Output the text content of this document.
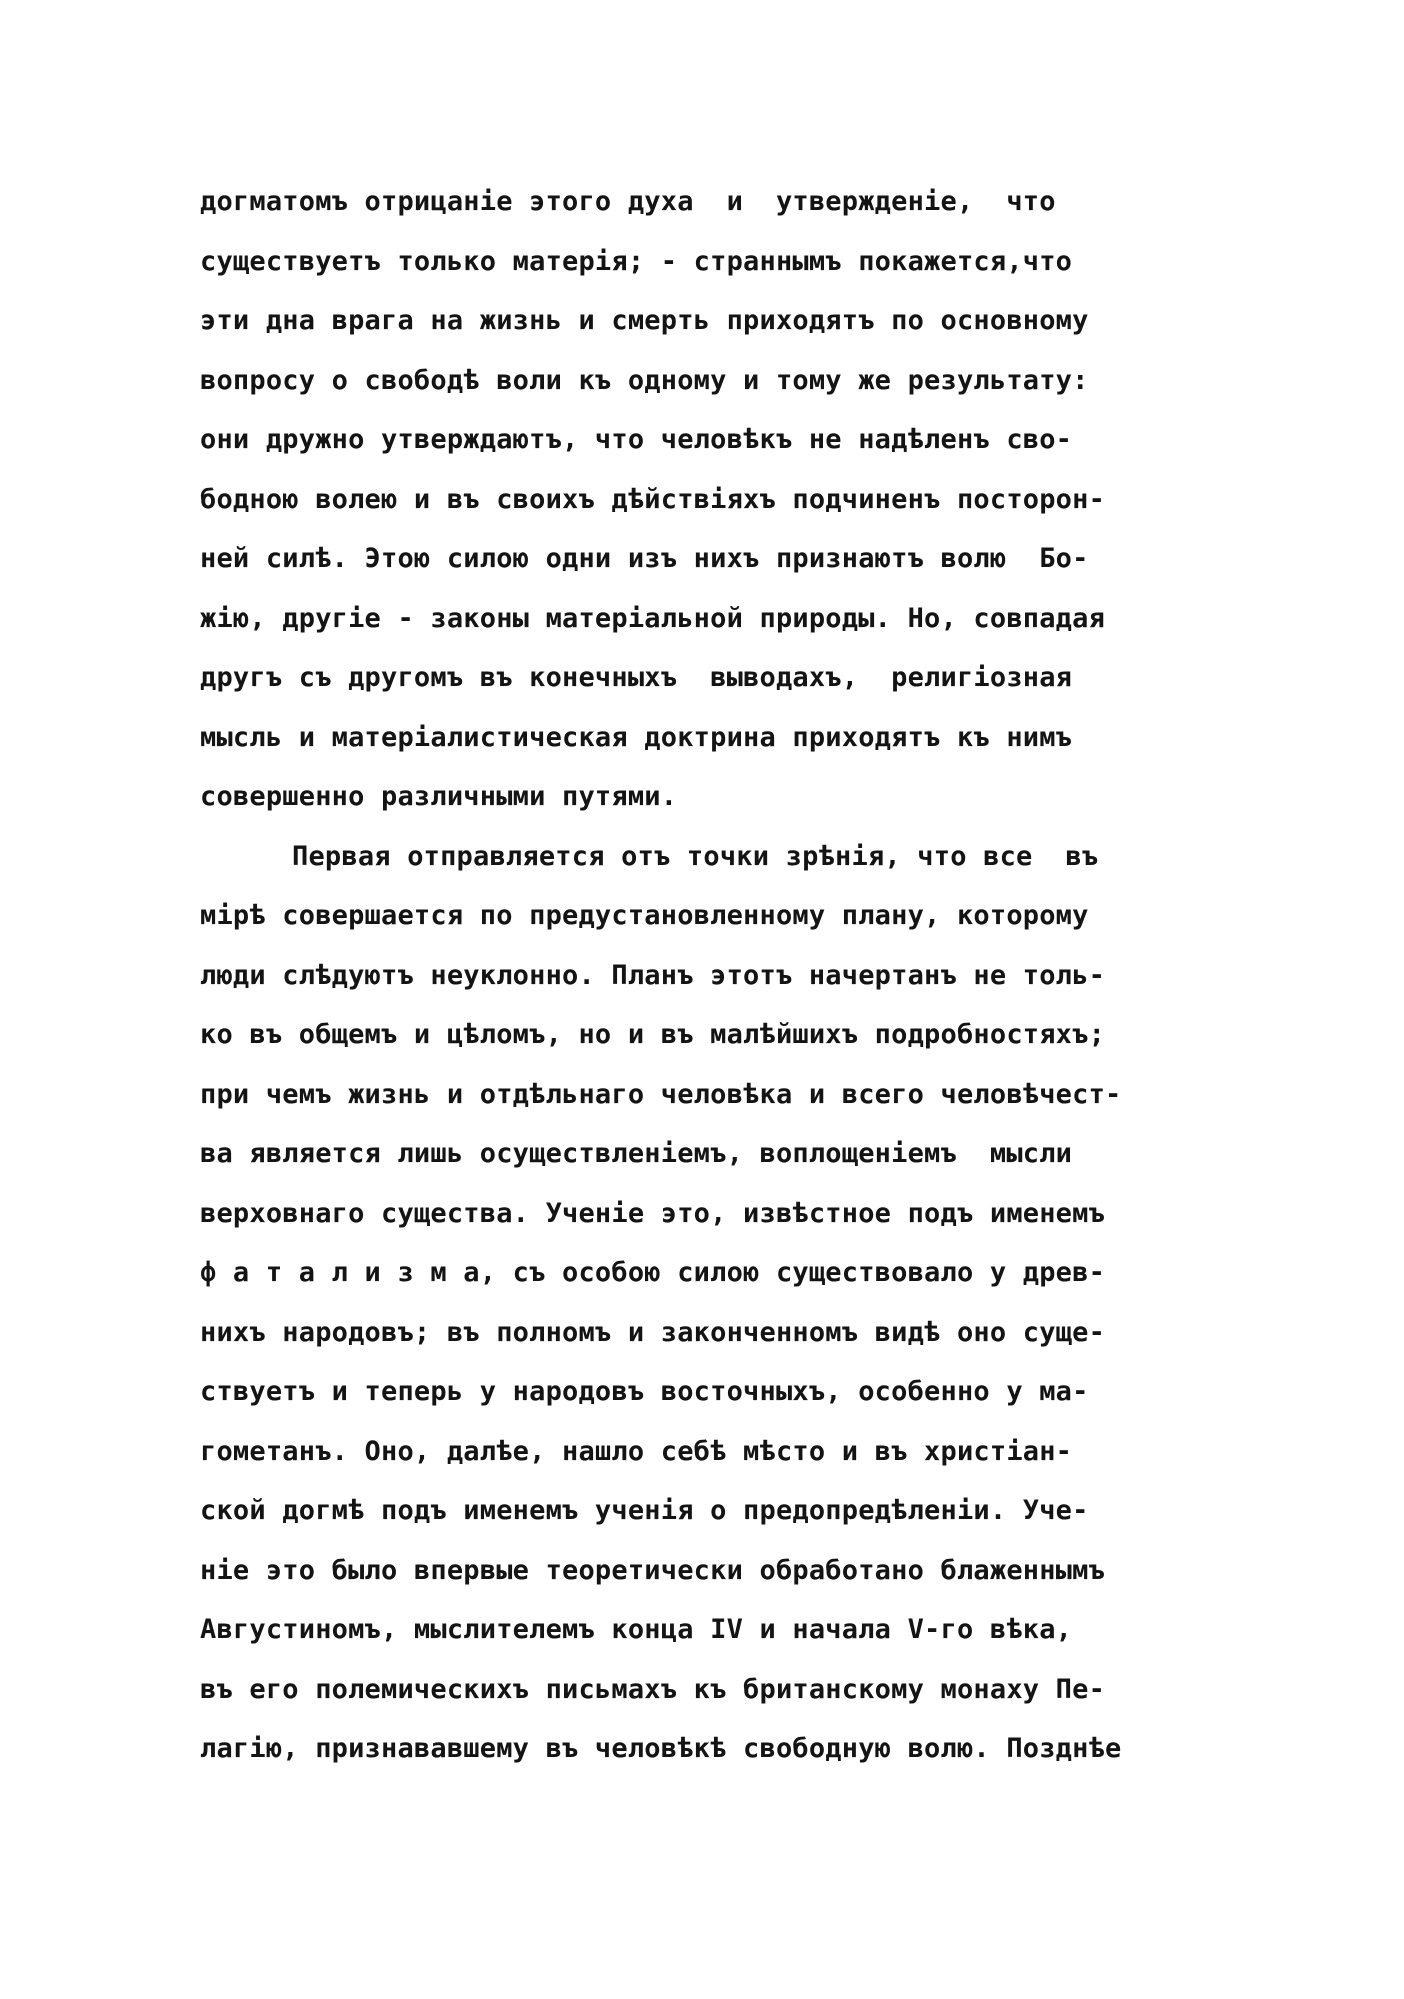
догматомъ отрицаніе этого духа  и  утвержденіе,  что
существуетъ только матерія; - страннымъ покажется,что
эти дна врага на жизнь и смерть приходятъ по основному
вопросу о свободѣ воли къ одному и тому же результату:
они дружно утверждаютъ, что человѣкъ не надѣленъ сво-
бодною волею и въ своихъ дѣйствіяхъ подчиненъ посторон-
ней силѣ. Этою силою одни изъ нихъ признаютъ волю  Бо-
жію, другіе - законы матеріальной природы. Но, совпадая
другъ съ другомъ въ конечныхъ  выводахъ,  религіозная
мысль и матеріалистическая доктрина приходятъ къ нимъ
совершенно различными путями.
Первая отправляется отъ точки зрѣнія, что все  въ
мірѣ совершается по предустановленному плану, которому
люди слѣдуютъ неуклонно. Планъ этотъ начертанъ не толь-
ко въ общемъ и цѣломъ, но и въ малѣйшихъ подробностяхъ;
при чемъ жизнь и отдѣльнаго человѣка и всего человѣчест-
ва является лишь осуществленіемъ, воплощеніемъ  мысли
верховнаго существа. Ученіе это, извѣстное подъ именемъ
ф а т а л и з м а, съ особою силою существовало у древ-
нихъ народовъ; въ полномъ и законченномъ видѣ оно суще-
ствуетъ и теперь у народовъ восточныхъ, особенно у ма-
гометанъ. Оно, далѣе, нашло себѣ мѣсто и въ христіан-
ской догмѣ подъ именемъ ученія о предопредѣленіи. Уче-
ніе это было впервые теоретически обработано блаженнымъ
Августиномъ, мыслителемъ конца IV и начала V-го вѣка,
въ его полемическихъ письмахъ къ британскому монаху Пе-
лагію, признававшему въ человѣкѣ свободную волю. Позднѣе
